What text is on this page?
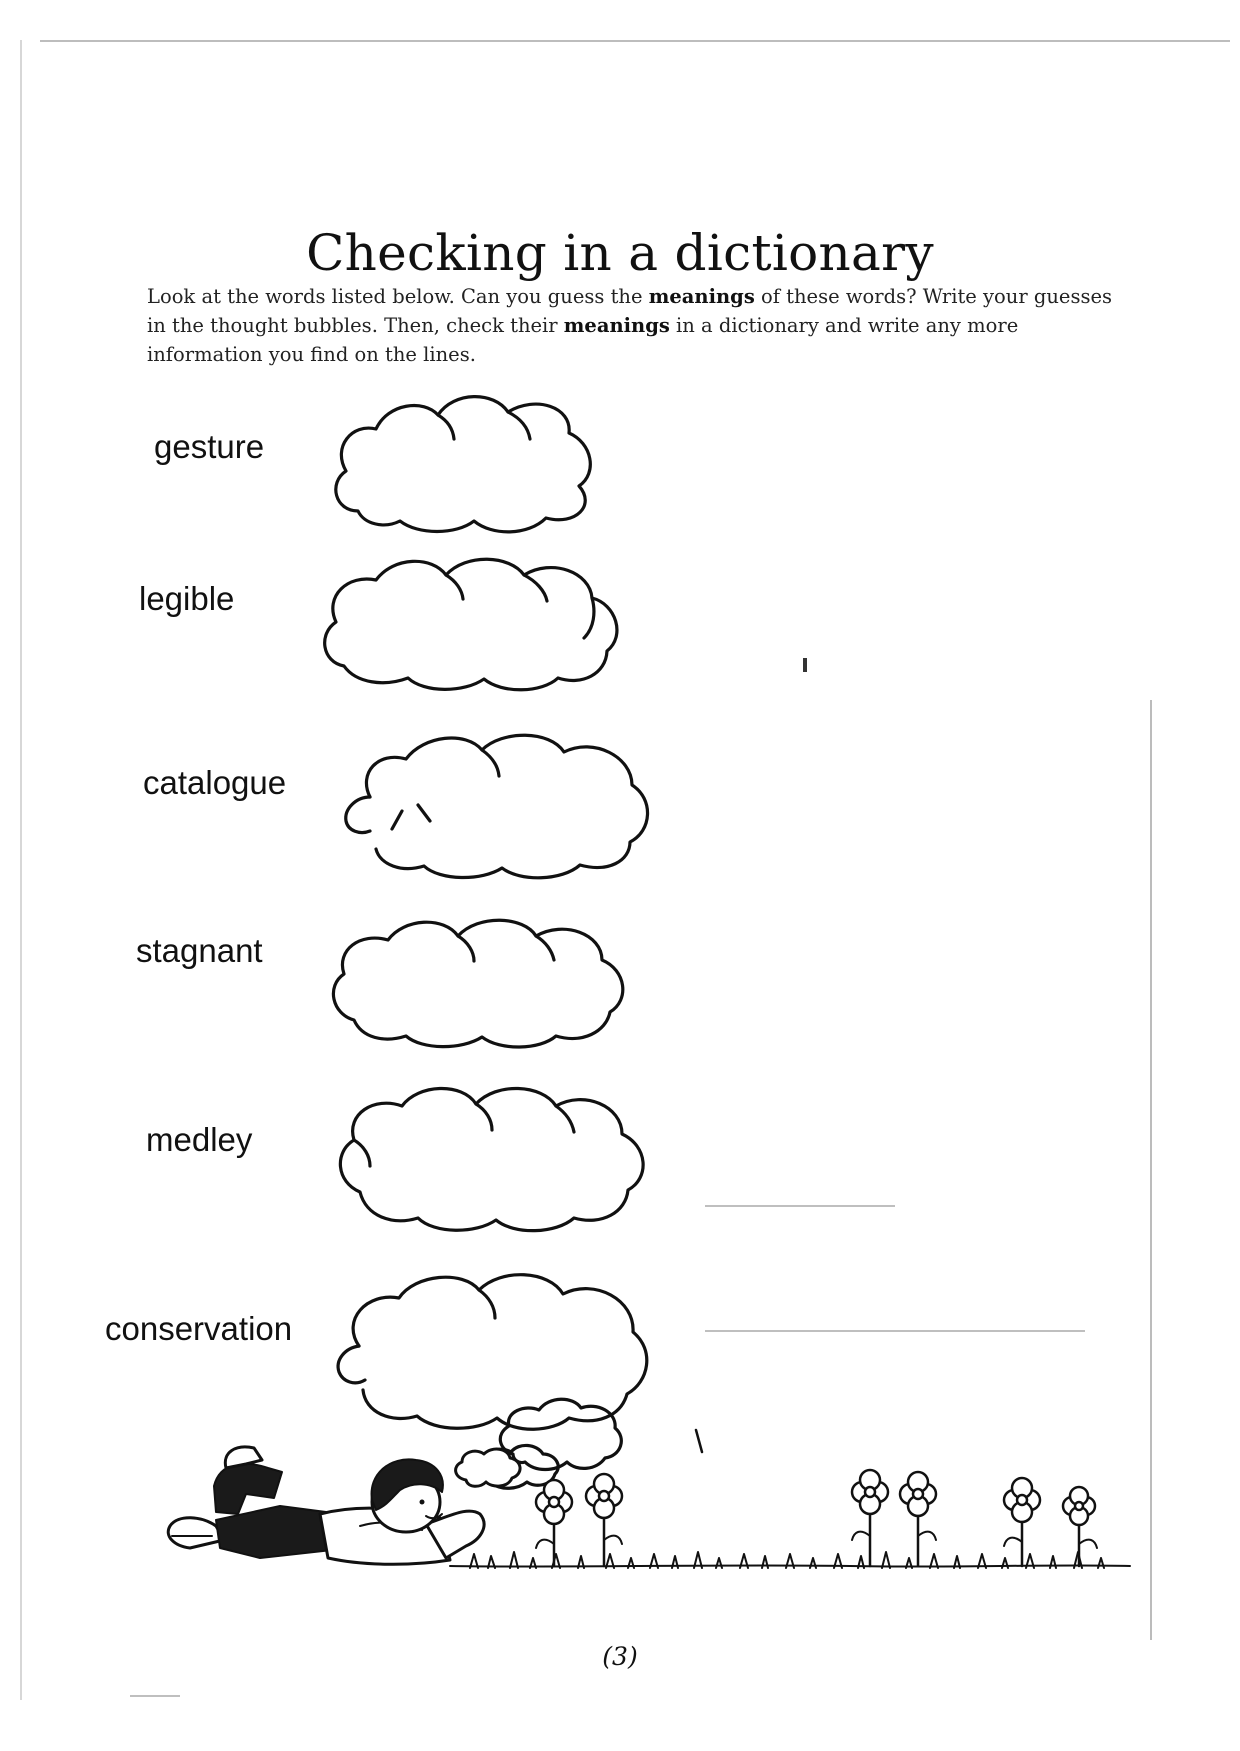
Checking in a dictionary
Look at the words listed below. Can you guess the meanings of these words? Write your guesses in the thought bubbles. Then, check their meanings in a dictionary and write any more information you find on the lines.
gesture
legible
catalogue
stagnant
medley
conservation
(3)
